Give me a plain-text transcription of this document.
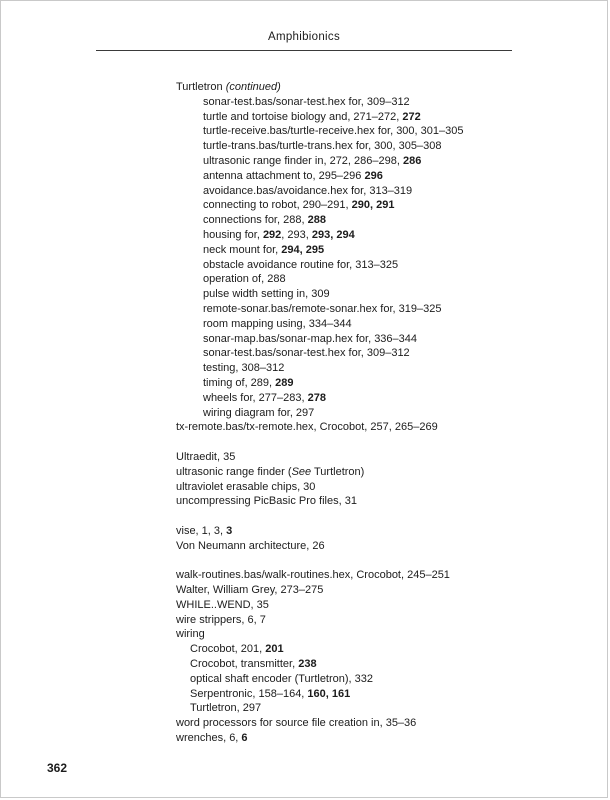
Amphibionics
Turtletron (continued)
sonar-test.bas/sonar-test.hex for, 309–312
turtle and tortoise biology and, 271–272, 272
turtle-receive.bas/turtle-receive.hex for, 300, 301–305
turtle-trans.bas/turtle-trans.hex for, 300, 305–308
ultrasonic range finder in, 272, 286–298, 286
antenna attachment to, 295–296 296
avoidance.bas/avoidance.hex for, 313–319
connecting to robot, 290–291, 290, 291
connections for, 288, 288
housing for, 292, 293, 293, 294
neck mount for, 294, 295
obstacle avoidance routine for, 313–325
operation of, 288
pulse width setting in, 309
remote-sonar.bas/remote-sonar.hex for, 319–325
room mapping using, 334–344
sonar-map.bas/sonar-map.hex for, 336–344
sonar-test.bas/sonar-test.hex for, 309–312
testing, 308–312
timing of, 289, 289
wheels for, 277–283, 278
wiring diagram for, 297
tx-remote.bas/tx-remote.hex, Crocobot, 257, 265–269
Ultraedit, 35
ultrasonic range finder (See Turtletron)
ultraviolet erasable chips, 30
uncompressing PicBasic Pro files, 31
vise, 1, 3, 3
Von Neumann architecture, 26
walk-routines.bas/walk-routines.hex, Crocobot, 245–251
Walter, William Grey, 273–275
WHILE..WEND, 35
wire strippers, 6, 7
wiring
Crocobot, 201, 201
Crocobot, transmitter, 238
optical shaft encoder (Turtletron), 332
Serpentronic, 158–164, 160, 161
Turtletron, 297
word processors for source file creation in, 35–36
wrenches, 6, 6
362
